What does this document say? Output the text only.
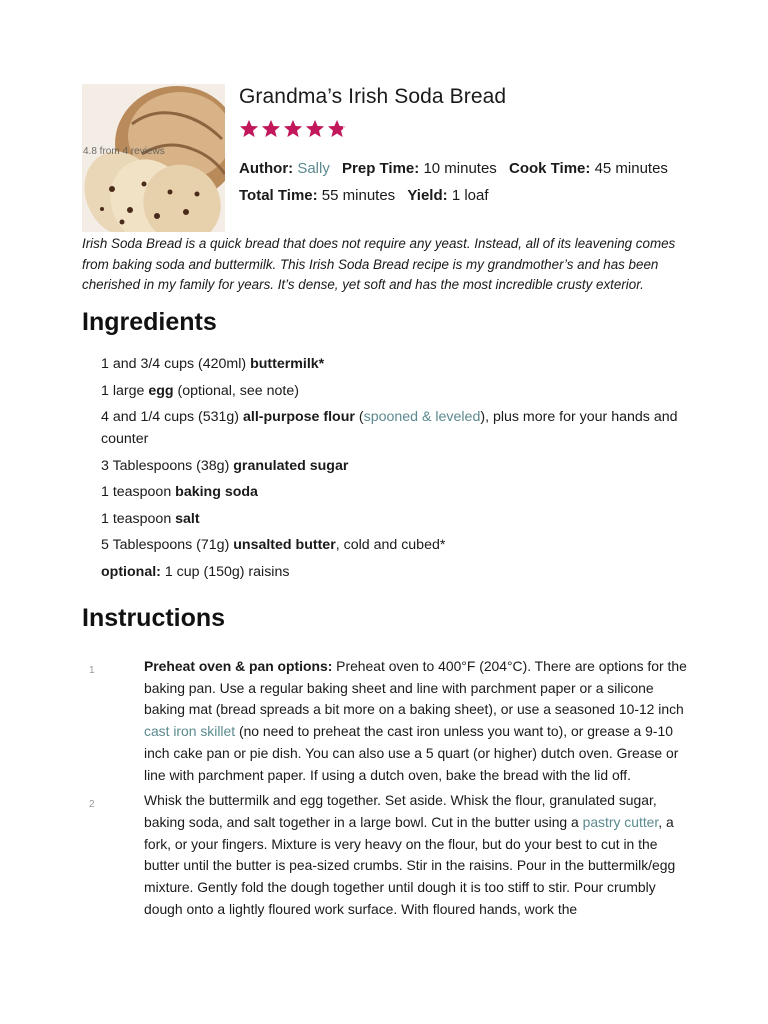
4.8 from 4 reviews
Grandma’s Irish Soda Bread
Author: Sally Prep Time: 10 minutes Cook Time: 45 minutes
Total Time: 55 minutes Yield: 1 loaf

Irish Soda Bread is a quick bread that does not require any yeast. Instead, all of its leavening comes from baking soda and buttermilk. This Irish Soda Bread recipe is my grandmother’s and has been cherished in my family for years. It’s dense, yet soft and has the most incredible crusty exterior.

Ingredients
1 and 3/4 cups (420ml) buttermilk*
1 large egg (optional, see note)
4 and 1/4 cups (531g) all-purpose flour (spooned & leveled), plus more for your hands and counter
3 Tablespoons (38g) granulated sugar
1 teaspoon baking soda
1 teaspoon salt
5 Tablespoons (71g) unsalted butter, cold and cubed*
optional: 1 cup (150g) raisins
Instructions
1	Preheat oven & pan options: Preheat oven to 400°F (204°C). There are options for the baking pan. Use a regular baking sheet and line with parchment paper or a silicone baking mat (bread spreads a bit more on a baking sheet), or use a seasoned 10-12 inch cast iron skillet (no need to preheat the cast iron unless you want to), or grease a 9-10 inch cake pan or pie dish. You can also use a 5 quart (or higher) dutch oven. Grease or line with parchment paper. If using a dutch oven, bake the bread with the lid off.
2	Whisk the buttermilk and egg together. Set aside. Whisk the flour, granulated sugar, baking soda, and salt together in a large bowl. Cut in the butter using a pastry cutter, a fork, or your fingers. Mixture is very heavy on the flour, but do your best to cut in the butter until the butter is pea-sized crumbs. Stir in the raisins. Pour in the buttermilk/egg mixture. Gently fold the dough together until dough it is too stiff to stir. Pour crumbly dough onto a lightly floured work surface. With floured hands, work the
